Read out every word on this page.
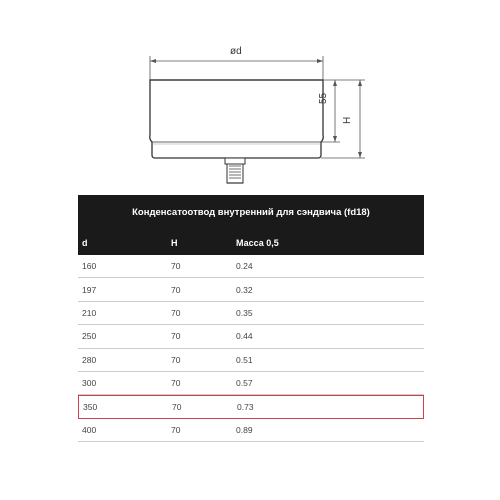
ød
55
H
Конденсатоотвод внутренний для сэндвича (fd18)
d	H	Масса 0,5
160	70	0.24
197	70	0.32
210	70	0.35
250	70	0.44
280	70	0.51
300	70	0.57
350	70	0.73
400	70	0.89
